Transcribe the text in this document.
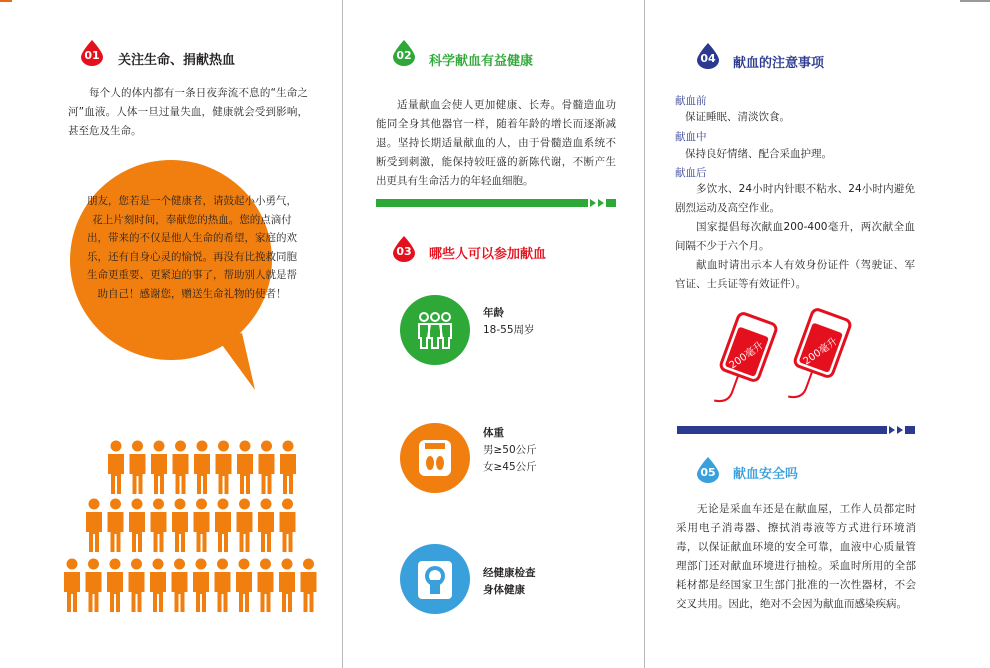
01 关注生命、捐献热血
每个人的体内都有一条日夜奔流不息的“生命之河”血液。人体一旦过量失血，健康就会受到影响，甚至危及生命。
朋友，您若是一个健康者，请鼓起小小勇气，花上片刻时间，奉献您的热血。您的点滴付出，带来的不仅是他人生命的希望，家庭的欢乐，还有自身心灵的愉悦。再没有比挽救同胞生命更重要、更紧迫的事了，帮助别人就是帮助自己！感谢您，赠送生命礼物的使者！
02 科学献血有益健康
适量献血会使人更加健康、长寿。骨髓造血功能同全身其他器官一样，随着年龄的增长而逐渐减退。坚持长期适量献血的人，由于骨髓造血系统不断受到刺激，能保持较旺盛的新陈代谢，不断产生出更具有生命活力的年轻血细胞。
03 哪些人可以参加献血
年龄
18-55周岁
体重
男≥50公斤
女≥45公斤
经健康检查
身体健康
04 献血的注意事项
献血前
保证睡眠、清淡饮食。
献血中
保持良好情绪、配合采血护理。
献血后
多饮水、24小时内针眼不粘水、24小时内避免剧烈运动及高空作业。
国家提倡每次献血200-400毫升，两次献全血间隔不少于六个月。
献血时请出示本人有效身份证件（驾驶证、军官证、士兵证等有效证件）。
200毫升	200毫升
05 献血安全吗
无论是采血车还是在献血屋，工作人员都定时采用电子消毒器、擦拭消毒液等方式进行环境消毒，以保证献血环境的安全可靠，血液中心质量管理部门还对献血环境进行抽检。采血时所用的全部耗材都是经国家卫生部门批准的一次性器材，不会交叉共用。因此，绝对不会因为献血而感染疾病。
